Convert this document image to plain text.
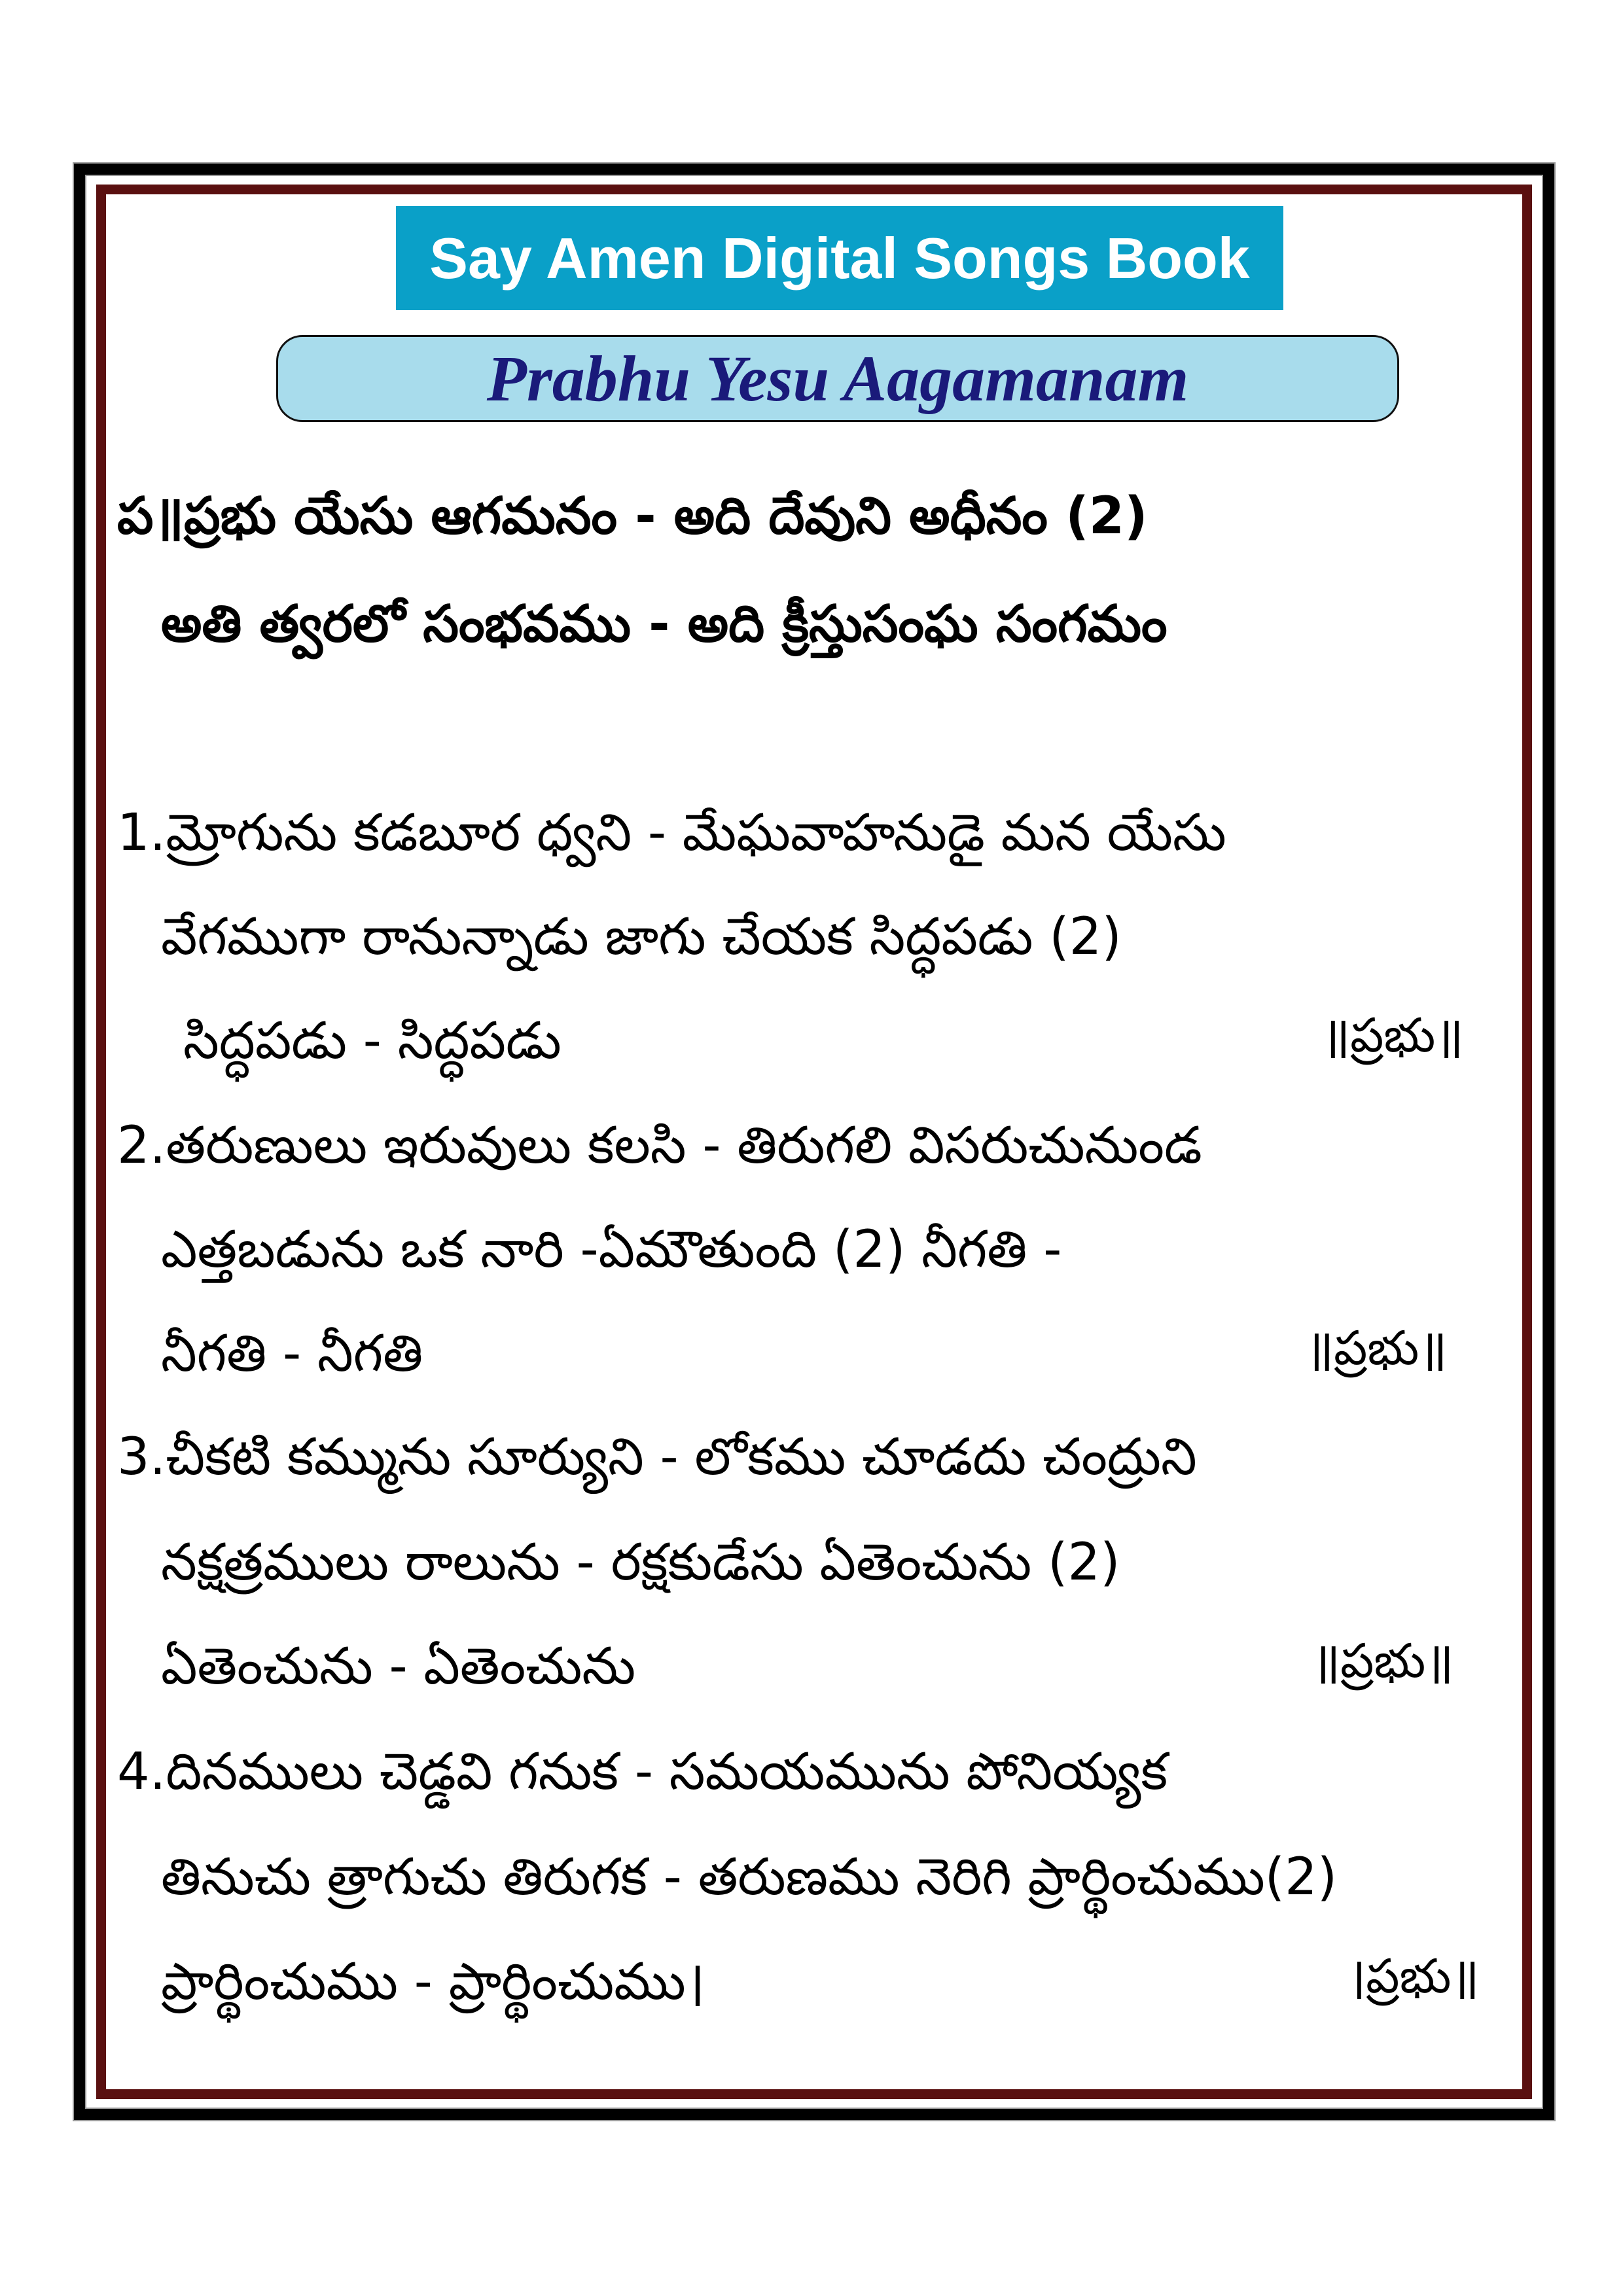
Say Amen Digital Songs Book
Prabhu Yesu Aagamanam
ప॥ప్రభు యేసు ఆగమనం - అది దేవుని అధీనం (2)
అతి త్వరలో సంభవము - అది క్రీస్తుసంఘ సంగమం
1.మ్రోగును కడబూర ధ్వని - మేఘవాహనుడై మన యేసు
వేగముగా రానున్నాడు జాగు చేయక సిద్ధపడు (2)
సిద్ధపడు - సిద్ధపడు	॥ప్రభు॥
2.తరుణులు ఇరువులు కలసి - తిరుగలి విసరుచునుండ
ఎత్తబడును ఒక నారి -ఏమౌతుంది (2) నీగతి -
నీగతి - నీగతి	॥ప్రభు॥
3.చీకటి కమ్మును సూర్యుని - లోకము చూడదు చంద్రుని
నక్షత్రములు రాలును - రక్షకుడేసు ఏతెంచును (2)
ఏతెంచును - ఏతెంచును	॥ప్రభు॥
4.దినములు చెడ్డవి గనుక - సమయమును పోనియ్యక
తినుచు త్రాగుచు తిరుగక - తరుణము నెరిగి ప్రార్థించుము(2)
ప్రార్థించుము - ప్రార్థించుము।	।ప్రభు॥
